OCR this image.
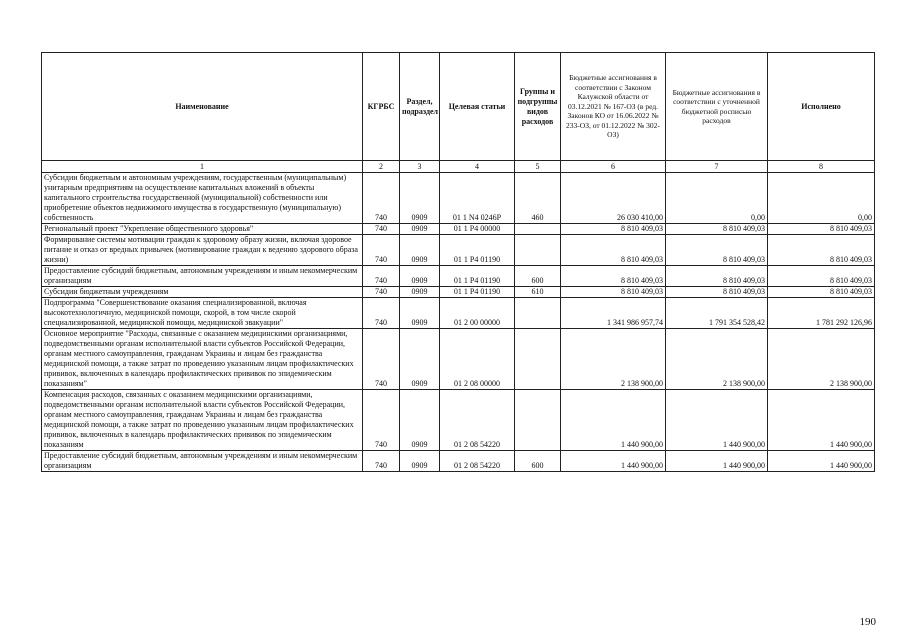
Наименование	КГРБС	Раздел, подраздел	Целевая статьи	Группы и подгруппы видов расходов	Бюджетные ассигнования в соответствии с Законом Калужской области от 03.12.2021 № 167-ОЗ (в ред. Законов КО от 16.06.2022 № 233-ОЗ, от 01.12.2022 № 302-ОЗ)	Бюджетные ассигнования в соответствии с уточненной бюджетной росписью расходов	Исполнено
1	2	3	4	5	6	7	8
Субсидии бюджетным и автономным учреждениям, государственным (муниципальным) унитарным предприятиям на осуществление капитальных вложений в объекты капитального строительства государственной (муниципальной) собственности или приобретение объектов недвижимого имущества в государственную (муниципальную) собственность	740	0909	01 1 N4 0246Р	460	26 030 410,00	0,00	0,00
Региональный проект "Укрепление общественного здоровья"	740	0909	01 1 Р4 00000		8 810 409,03	8 810 409,03	8 810 409,03
Формирование системы мотивации граждан к здоровому образу жизни, включая здоровое питание и отказ от вредных привычек (мотивирование граждан к ведению здорового образа жизни)	740	0909	01 1 Р4 01190		8 810 409,03	8 810 409,03	8 810 409,03
Предоставление субсидий бюджетным, автономным учреждениям и иным некоммерческим организациям	740	0909	01 1 Р4 01190	600	8 810 409,03	8 810 409,03	8 810 409,03
Субсидии бюджетным учреждениям	740	0909	01 1 Р4 01190	610	8 810 409,03	8 810 409,03	8 810 409,03
Подпрограмма "Совершенствование оказания специализированной, включая высокотехнологичную, медицинской помощи, скорой, в том числе скорой специализированной, медицинской помощи, медицинской эвакуации"	740	0909	01 2 00 00000		1 341 986 957,74	1 791 354 528,42	1 781 292 126,96
Основное мероприятие "Расходы, связанные с оказанием медицинскими организациями, подведомственными органам исполнительной власти субъектов Российской Федерации, органам местного самоуправления, гражданам Украины и лицам без гражданства медицинской помощи, а также затрат по проведению указанным лицам профилактических прививок, включенных в календарь профилактических прививок по эпидемическим показаниям"	740	0909	01 2 08 00000		2 138 900,00	2 138 900,00	2 138 900,00
Компенсация расходов, связанных с оказанием медицинскими организациями, подведомственными органам исполнительной власти субъектов Российской Федерации, органам местного самоуправления, гражданам Украины и лицам без гражданства медицинской помощи, а также затрат по проведению указанным лицам профилактических прививок, включенных в календарь профилактических прививок по эпидемическим показаниям	740	0909	01 2 08 54220		1 440 900,00	1 440 900,00	1 440 900,00
Предоставление субсидий бюджетным, автономным учреждениям и иным некоммерческим организациям	740	0909	01 2 08 54220	600	1 440 900,00	1 440 900,00	1 440 900,00
190
